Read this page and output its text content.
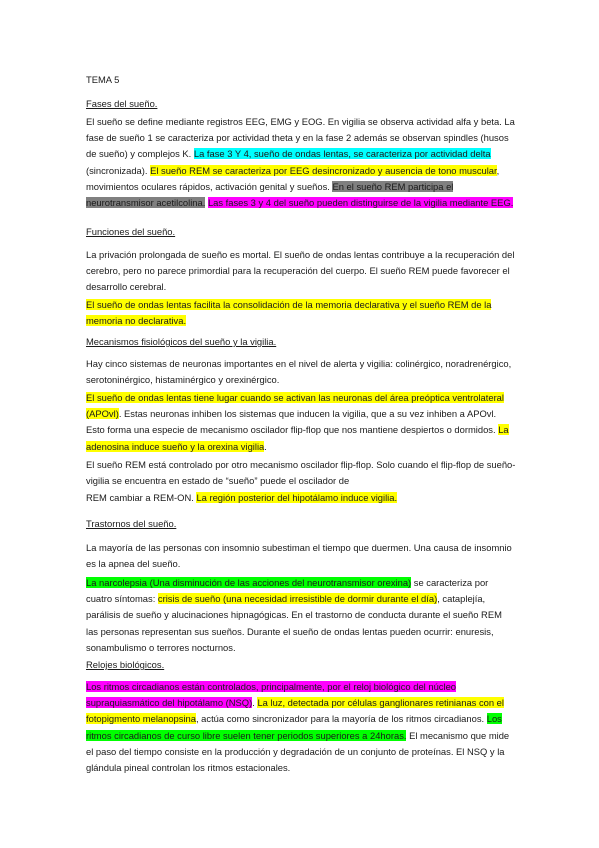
TEMA 5
Fases del sueño.
El sueño se define mediante registros EEG, EMG y EOG. En vigilia se observa actividad alfa y beta. La fase de sueño 1 se caracteriza por actividad theta y en la fase 2 además se observan spindles (husos de sueño) y complejos K. La fase 3 Y 4, sueño de ondas lentas, se caracteriza por actividad delta (sincronizada). El sueño REM se caracteriza por EEG desincronizado y ausencia de tono muscular, movimientos oculares rápidos, activación genital y sueños. En el sueño REM participa el neurotransmisor acetilcolina. Las fases 3 y 4 del sueño pueden distinguirse de la vigilia mediante EEG.
Funciones del sueño.
La privación prolongada de sueño es mortal. El sueño de ondas lentas contribuye a la recuperación del cerebro, pero no parece primordial para la recuperación del cuerpo. El sueño REM puede favorecer el desarrollo cerebral.
El sueño de ondas lentas facilita la consolidación de la memoria declarativa y el sueño REM de la memoria no declarativa.
Mecanismos fisiológicos del sueño y la vigilia.
Hay cinco sistemas de neuronas importantes en el nivel de alerta y vigilia: colinérgico, noradrenérgico, serotoninérgico, histaminérgico y orexinérgico.
El sueño de ondas lentas tiene lugar cuando se activan las neuronas del área preóptica ventrolateral (APOvl). Estas neuronas inhiben los sistemas que inducen la vigilia, que a su vez inhiben a APOvl. Esto forma una especie de mecanismo oscilador flip-flop que nos mantiene despiertos o dormidos. La adenosina induce sueño y la orexina vigilia.
El sueño REM está controlado por otro mecanismo oscilador flip-flop. Solo cuando el flip-flop de sueño-vigilia se encuentra en estado de “sueño” puede el oscilador de
REM cambiar a REM-ON. La región posterior del hipotálamo induce vigilia.
Trastornos del sueño.
La mayoría de las personas con insomnio subestiman el tiempo que duermen. Una causa de insomnio es la apnea del sueño.
La narcolepsia (Una disminución de las acciones del neurotransmisor orexina) se caracteriza por cuatro síntomas: crisis de sueño (una necesidad irresistible de dormir durante el día), cataplejía, parálisis de sueño y alucinaciones hipnagógicas. En el trastorno de conducta durante el sueño REM las personas representan sus sueños. Durante el sueño de ondas lentas pueden ocurrir: enuresis, sonambulismo o terrores nocturnos.
Relojes biológicos.
Los ritmos circadianos están controlados, principalmente, por el reloj biológico del núcleo supraquiasmático del hipotálamo (NSQ). La luz, detectada por células ganglionares retinianas con el fotopigmento melanopsina, actúa como sincronizador para la mayoría de los ritmos circadianos. Los ritmos circadianos de curso libre suelen tener periodos superiores a 24horas. El mecanismo que mide el paso del tiempo consiste en la producción y degradación de un conjunto de proteínas. El NSQ y la glándula pineal controlan los ritmos estacionales.
